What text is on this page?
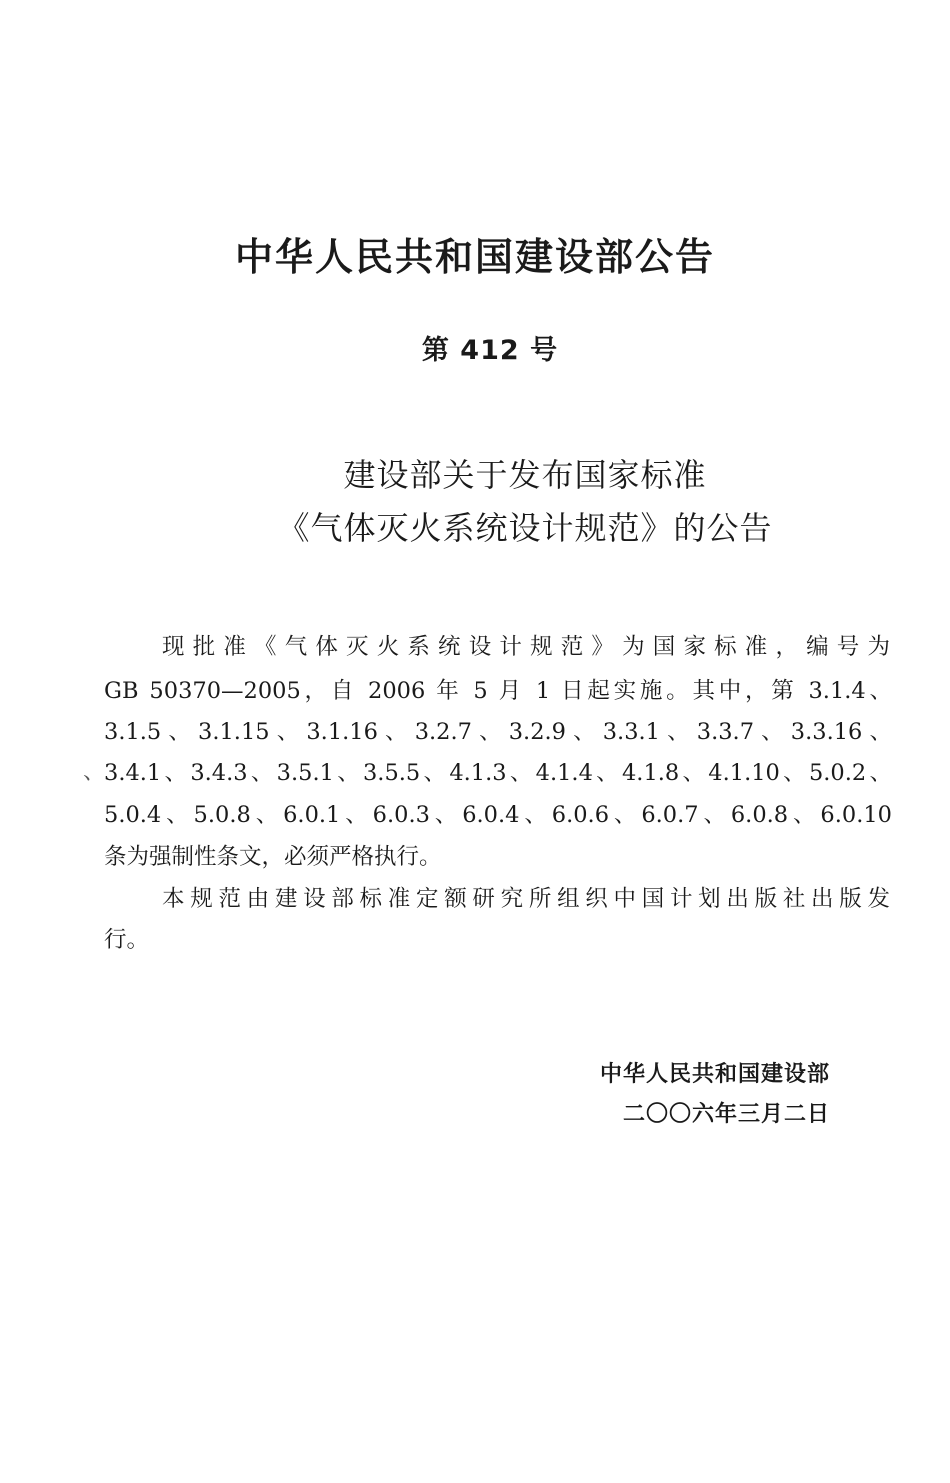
中华人民共和国建设部公告
第 412 号
建设部关于发布国家标准
《气体灭火系统设计规范》的公告
、
现批准《气体灭火系统设计规范》为国家标准，编号为
GB 50370—2005，自 2006 年 5 月 1 日起实施。其中，第 3.1.4、
3.1.5、3.1.15、3.1.16、3.2.7、3.2.9、3.3.1、3.3.7、3.3.16、
3.4.1、3.4.3、3.5.1、3.5.5、4.1.3、4.1.4、4.1.8、4.1.10、5.0.2、
5.0.4、5.0.8、6.0.1、6.0.3、6.0.4、6.0.6、6.0.7、6.0.8、6.0.10
条为强制性条文，必须严格执行。
本规范由建设部标准定额研究所组织中国计划出版社出版发
行。
中华人民共和国建设部
二〇〇六年三月二日
